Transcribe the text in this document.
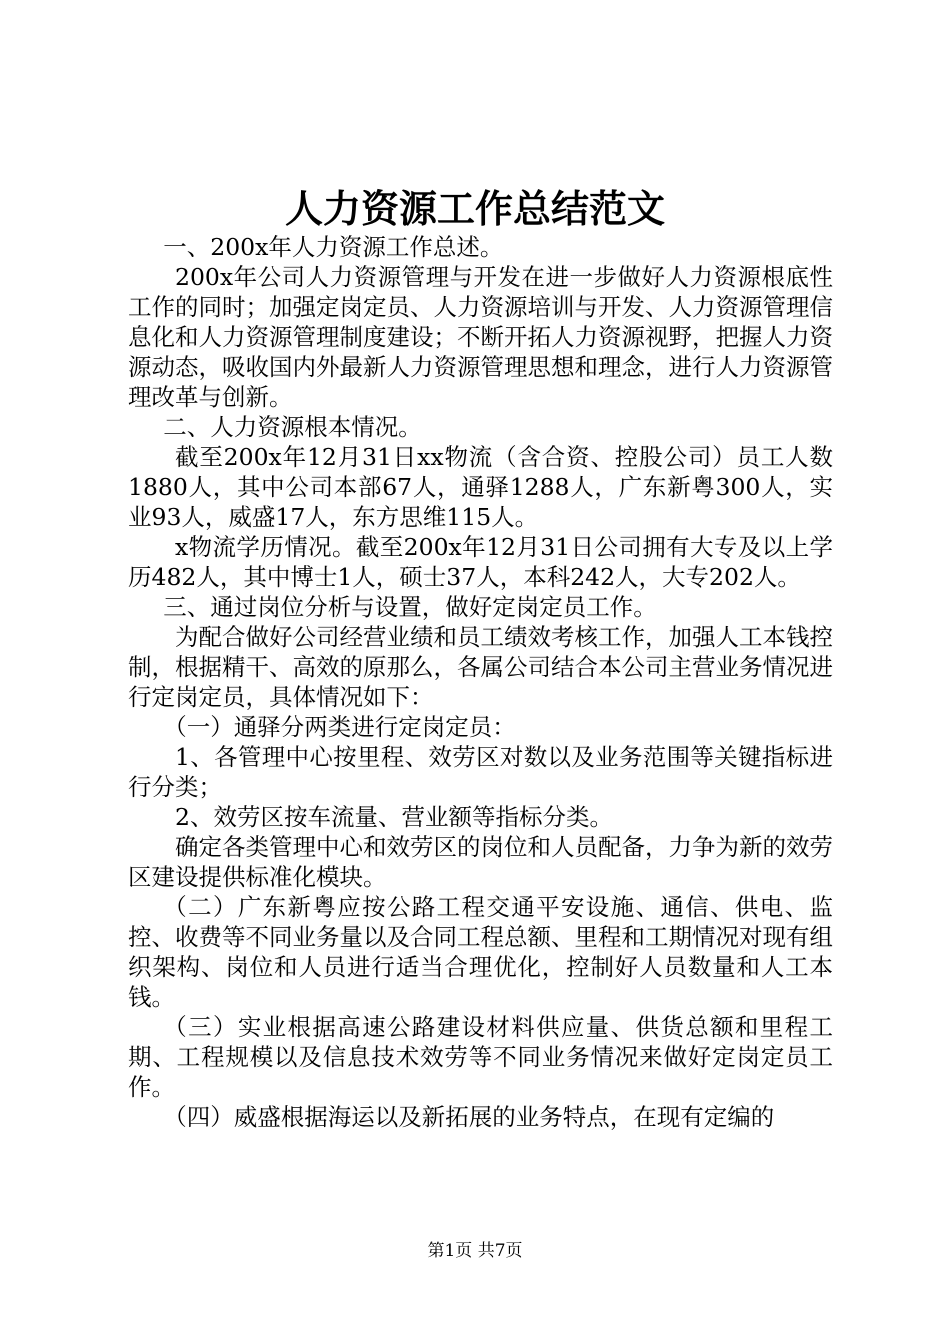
人力资源工作总结范文

一、200x年人力资源工作总述。

200x年公司人力资源管理与开发在进一步做好人力资源根底性工作的同时；加强定岗定员、人力资源培训与开发、人力资源管理信息化和人力资源管理制度建设；不断开拓人力资源视野，把握人力资源动态，吸收国内外最新人力资源管理思想和理念，进行人力资源管理改革与创新。

二、人力资源根本情况。

截至200x年12月31日xx物流（含合资、控股公司）员工人数1880人，其中公司本部67人，通驿1288人，广东新粤300人，实业93人，威盛17人，东方思维115人。

x物流学历情况。截至200x年12月31日公司拥有大专及以上学历482人，其中博士1人，硕士37人，本科242人，大专202人。

三、通过岗位分析与设置，做好定岗定员工作。

为配合做好公司经营业绩和员工绩效考核工作，加强人工本钱控制，根据精干、高效的原那么，各属公司结合本公司主营业务情况进行定岗定员，具体情况如下：

（一）通驿分两类进行定岗定员：

1、各管理中心按里程、效劳区对数以及业务范围等关键指标进行分类；

2、效劳区按车流量、营业额等指标分类。

确定各类管理中心和效劳区的岗位和人员配备，力争为新的效劳区建设提供标准化模块。

（二）广东新粤应按公路工程交通平安设施、通信、供电、监控、收费等不同业务量以及合同工程总额、里程和工期情况对现有组织架构、岗位和人员进行适当合理优化，控制好人员数量和人工本钱。

（三）实业根据高速公路建设材料供应量、供货总额和里程工期、工程规模以及信息技术效劳等不同业务情况来做好定岗定员工作。

（四）威盛根据海运以及新拓展的业务特点，在现有定编的

第1页 共7页
